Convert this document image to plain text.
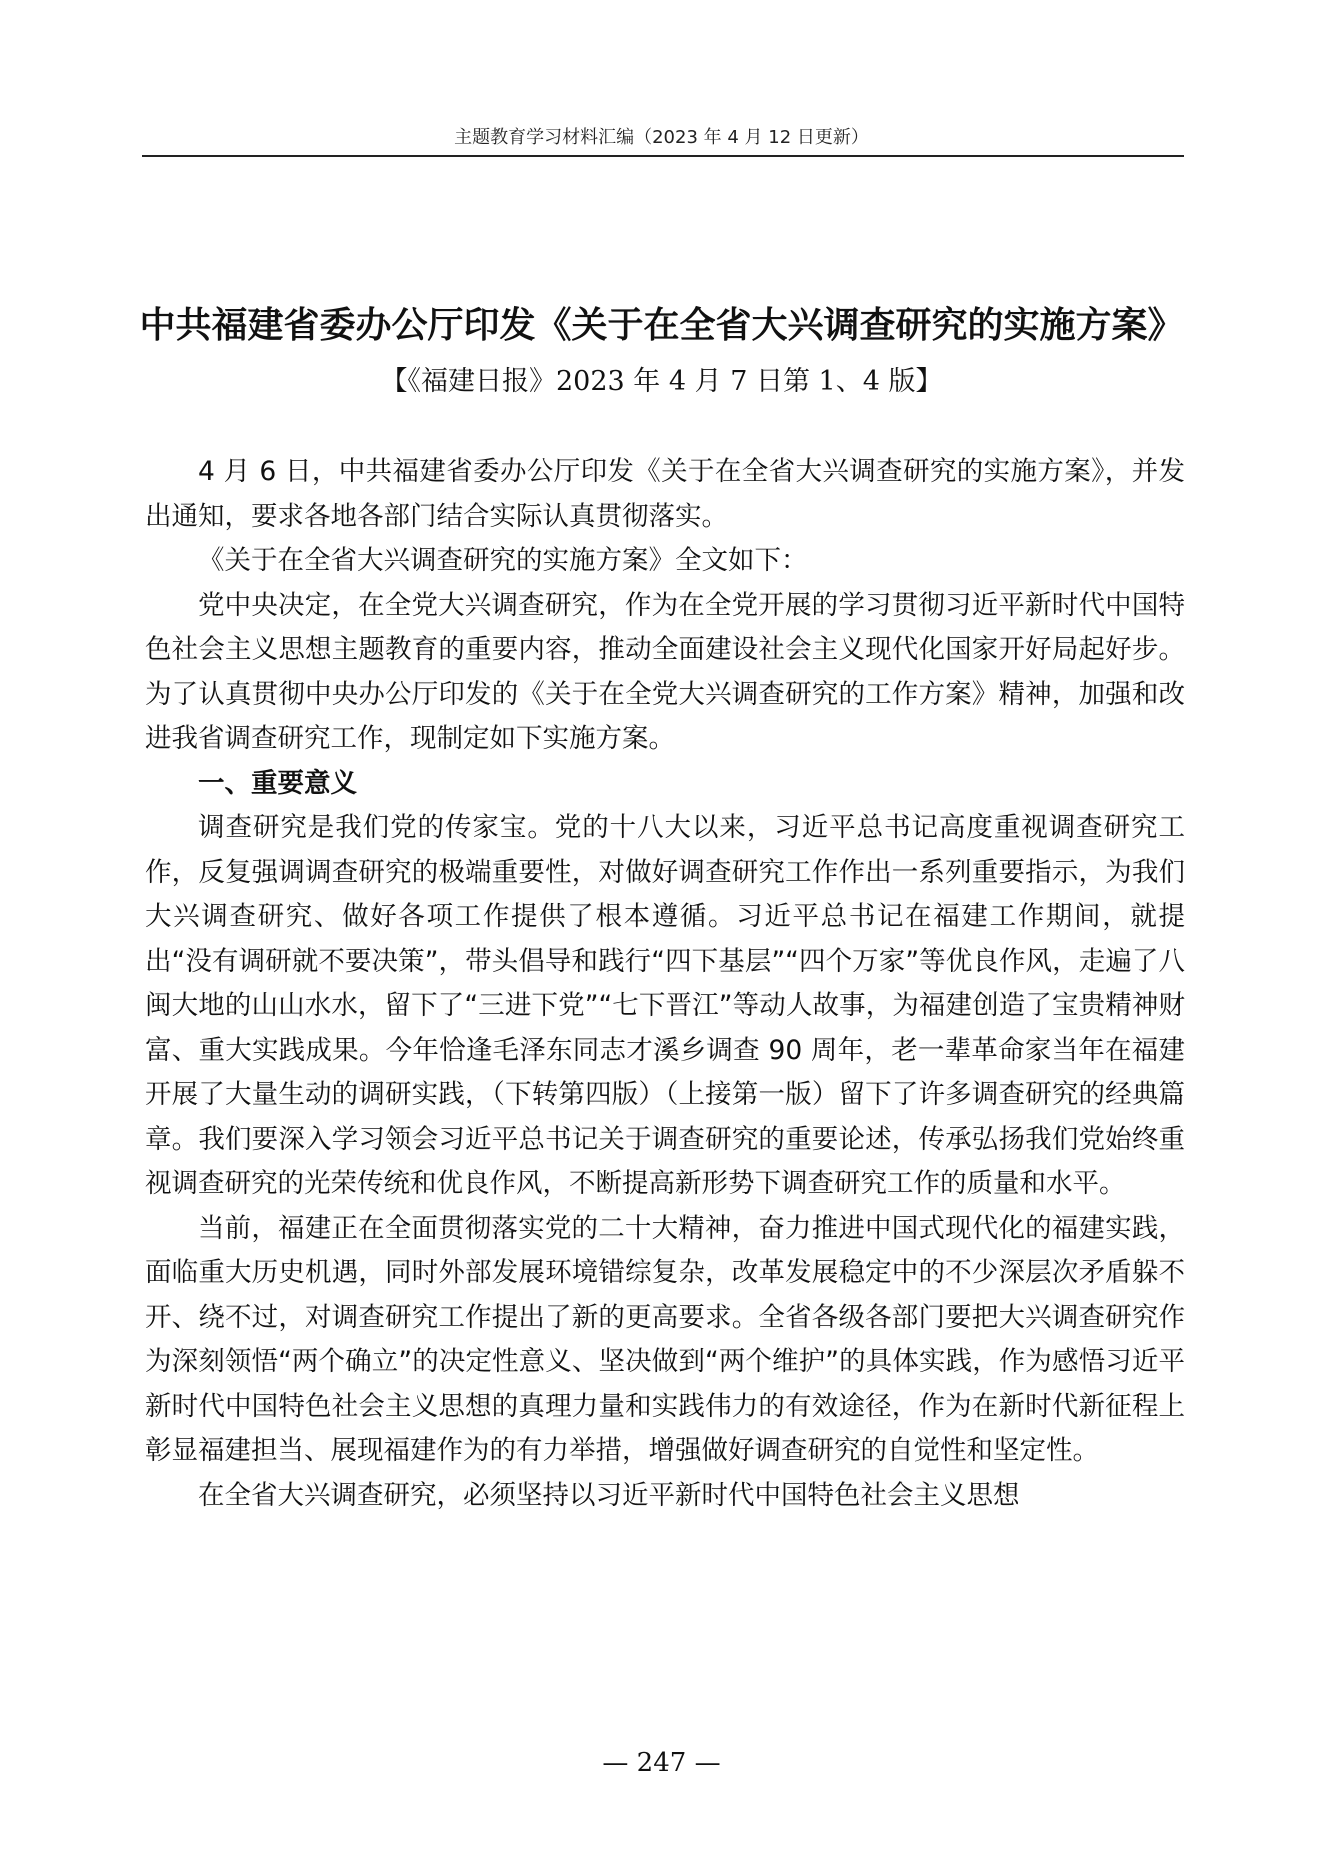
主题教育学习材料汇编（2023 年 4 月 12 日更新）
中共福建省委办公厅印发《关于在全省大兴调查研究的实施方案》
【《福建日报》2023 年 4 月 7 日第 1、4 版】

4 月 6 日，中共福建省委办公厅印发《关于在全省大兴调查研究的实施方案》，并发出通知，要求各地各部门结合实际认真贯彻落实。

《关于在全省大兴调查研究的实施方案》全文如下：

党中央决定，在全党大兴调查研究，作为在全党开展的学习贯彻习近平新时代中国特色社会主义思想主题教育的重要内容，推动全面建设社会主义现代化国家开好局起好步。为了认真贯彻中央办公厅印发的《关于在全党大兴调查研究的工作方案》精神，加强和改进我省调查研究工作，现制定如下实施方案。

一、重要意义

调查研究是我们党的传家宝。党的十八大以来，习近平总书记高度重视调查研究工作，反复强调调查研究的极端重要性，对做好调查研究工作作出一系列重要指示，为我们大兴调查研究、做好各项工作提供了根本遵循。习近平总书记在福建工作期间，就提出“没有调研就不要决策”，带头倡导和践行“四下基层”“四个万家”等优良作风，走遍了八闽大地的山山水水，留下了“三进下党”“七下晋江”等动人故事，为福建创造了宝贵精神财富、重大实践成果。今年恰逢毛泽东同志才溪乡调查 90 周年，老一辈革命家当年在福建开展了大量生动的调研实践，（下转第四版）（上接第一版）留下了许多调查研究的经典篇章。我们要深入学习领会习近平总书记关于调查研究的重要论述，传承弘扬我们党始终重视调查研究的光荣传统和优良作风，不断提高新形势下调查研究工作的质量和水平。

当前，福建正在全面贯彻落实党的二十大精神，奋力推进中国式现代化的福建实践，面临重大历史机遇，同时外部发展环境错综复杂，改革发展稳定中的不少深层次矛盾躲不开、绕不过，对调查研究工作提出了新的更高要求。全省各级各部门要把大兴调查研究作为深刻领悟“两个确立”的决定性意义、坚决做到“两个维护”的具体实践，作为感悟习近平新时代中国特色社会主义思想的真理力量和实践伟力的有效途径，作为在新时代新征程上彰显福建担当、展现福建作为的有力举措，增强做好调查研究的自觉性和坚定性。

在全省大兴调查研究，必须坚持以习近平新时代中国特色社会主义思想

— 247 —
